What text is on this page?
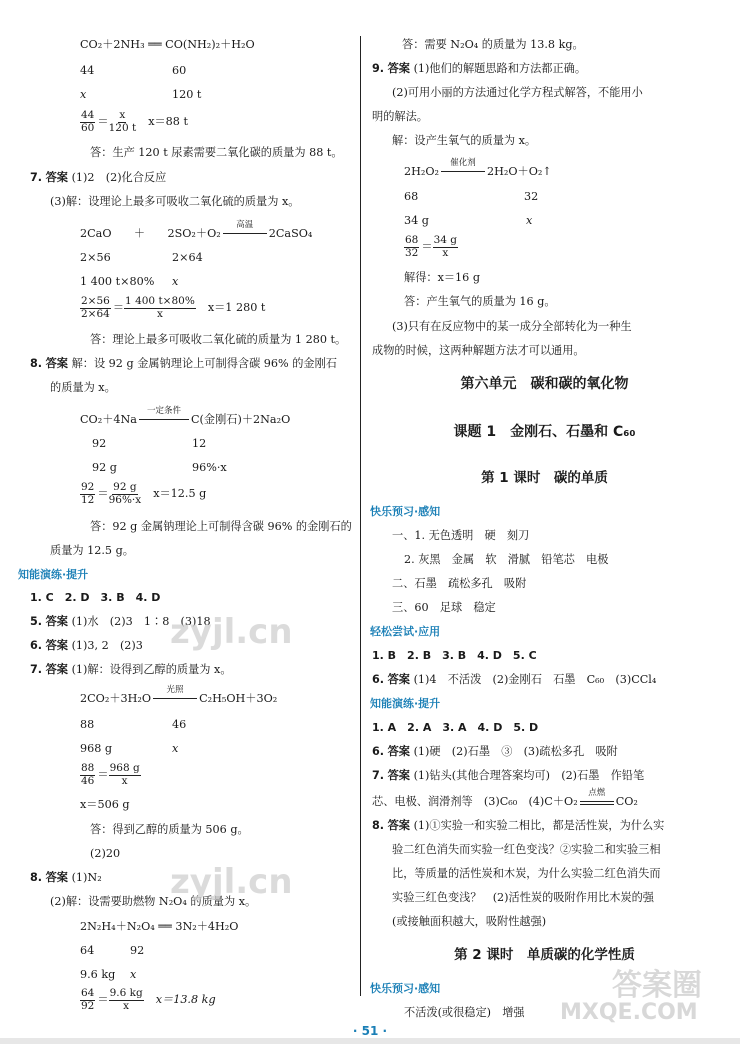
CO₂＋2NH₃ ══ CO(NH₂)₂＋H₂O
44	60
x	120 t
44
60 ＝
x
120 t x＝88 t
答：生产 120 t 尿素需要二氧化碳的质量为 88 t。
7. 答案 (1)2　(2)化合反应
(3)解：设理论上最多可吸收二氧化硫的质量为 x。
2CaO　　＋　　2SO₂＋O₂
高温
2CaSO₄
2×56	2×64
1 400 t×80% x
2×56
2×64 ＝
1 400 t×80%
x	x＝1 280 t
答：理论上最多可吸收二氧化硫的质量为 1 280 t。
8. 答案 解：设 92 g 金属钠理论上可制得含碳 96% 的金刚石
的质量为 x。
CO₂＋4Na
一定条件
C(金刚石)＋2Na₂O
92	12
92 g	96%·x
92
12 ＝
92 g
96%·x x＝12.5 g
答：92 g 金属钠理论上可制得含碳 96% 的金刚石的
质量为 12.5 g。
知能演练·提升
1. C　2. D　3. B　4. D
5. 答案 (1)水　(2)3　1∶8　(3)18
6. 答案 (1)3, 2　(2)3
7. 答案 (1)解：设得到乙醇的质量为 x。
2CO₂＋3H₂O
光照
C₂H₅OH＋3O₂
88	46
968 g	x
88
46 ＝
968 g
x
x＝506 g
答：得到乙醇的质量为 506 g。
(2)20
8. 答案 (1)N₂
(2)解：设需要助燃物 N₂O₄ 的质量为 x。
2N₂H₄＋N₂O₄ ══ 3N₂＋4H₂O
64	92
9.6 kg x
64
92 ＝
9.6 kg
x x＝13.8 kg
答：需要 N₂O₄ 的质量为 13.8 kg。
9. 答案 (1)他们的解题思路和方法都正确。
(2)可用小丽的方法通过化学方程式解答，不能用小
明的解法。
解：设产生氧气的质量为 x。
2H₂O₂
催化剂
2H₂O＋O₂↑
68	32
34 g	x
68
32 ＝
34 g
x
解得：x＝16 g
答：产生氧气的质量为 16 g。
(3)只有在反应物中的某一成分全部转化为一种生
成物的时候，这两种解题方法才可以通用。
第六单元　碳和碳的氧化物
课题 1　金刚石、石墨和 C₆₀
第 1 课时　碳的单质
快乐预习·感知
一、1. 无色透明　硬　刻刀
2. 灰黑　金属　软　滑腻　铅笔芯　电极
二、石墨　疏松多孔　吸附
三、60　足球　稳定
轻松尝试·应用
1. B　2. B　3. B　4. D　5. C
6. 答案 (1)4　不活泼　(2)金刚石　石墨　C₆₀　(3)CCl₄
知能演练·提升
1. A　2. A　3. A　4. D　5. D
6. 答案 (1)硬　(2)石墨　③　(3)疏松多孔　吸附
7. 答案 (1)钻头(其他合理答案均可)　(2)石墨　作铅笔
芯、电极、润滑剂等　(3)C₆₀　(4)C＋O₂
点燃
CO₂
8. 答案 (1)①实验一和实验二相比，都是活性炭，为什么实
验二红色消失而实验一红色变浅？②实验二和实验三相
比，等质量的活性炭和木炭，为什么实验二红色消失而
实验三红色变浅？　(2)活性炭的吸附作用比木炭的强
(或接触面积越大，吸附性越强)
第 2 课时　单质碳的化学性质
快乐预习·感知
不活泼(或很稳定)　增强
zyjl.cn
zyjl.cn
答案圈
MXQE.COM
· 51 ·
